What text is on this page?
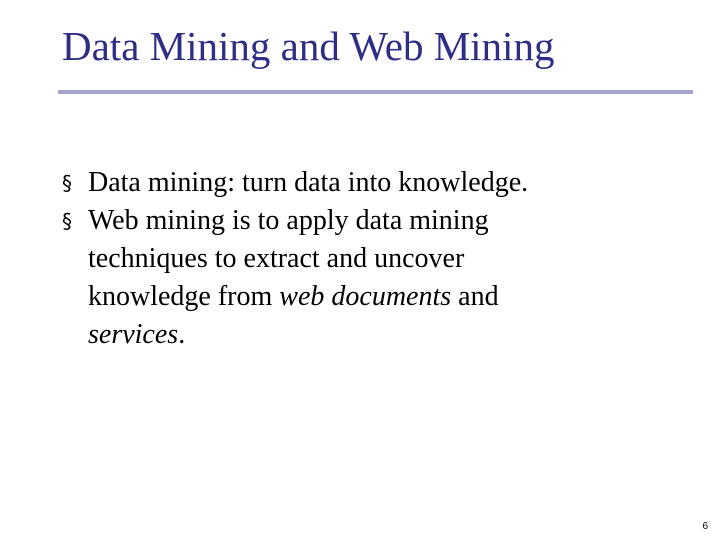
Data Mining and Web Mining
§ Data mining: turn data into knowledge.
§ Web mining is to apply data mining
techniques to extract and uncover
knowledge from web documents and
services.
6
